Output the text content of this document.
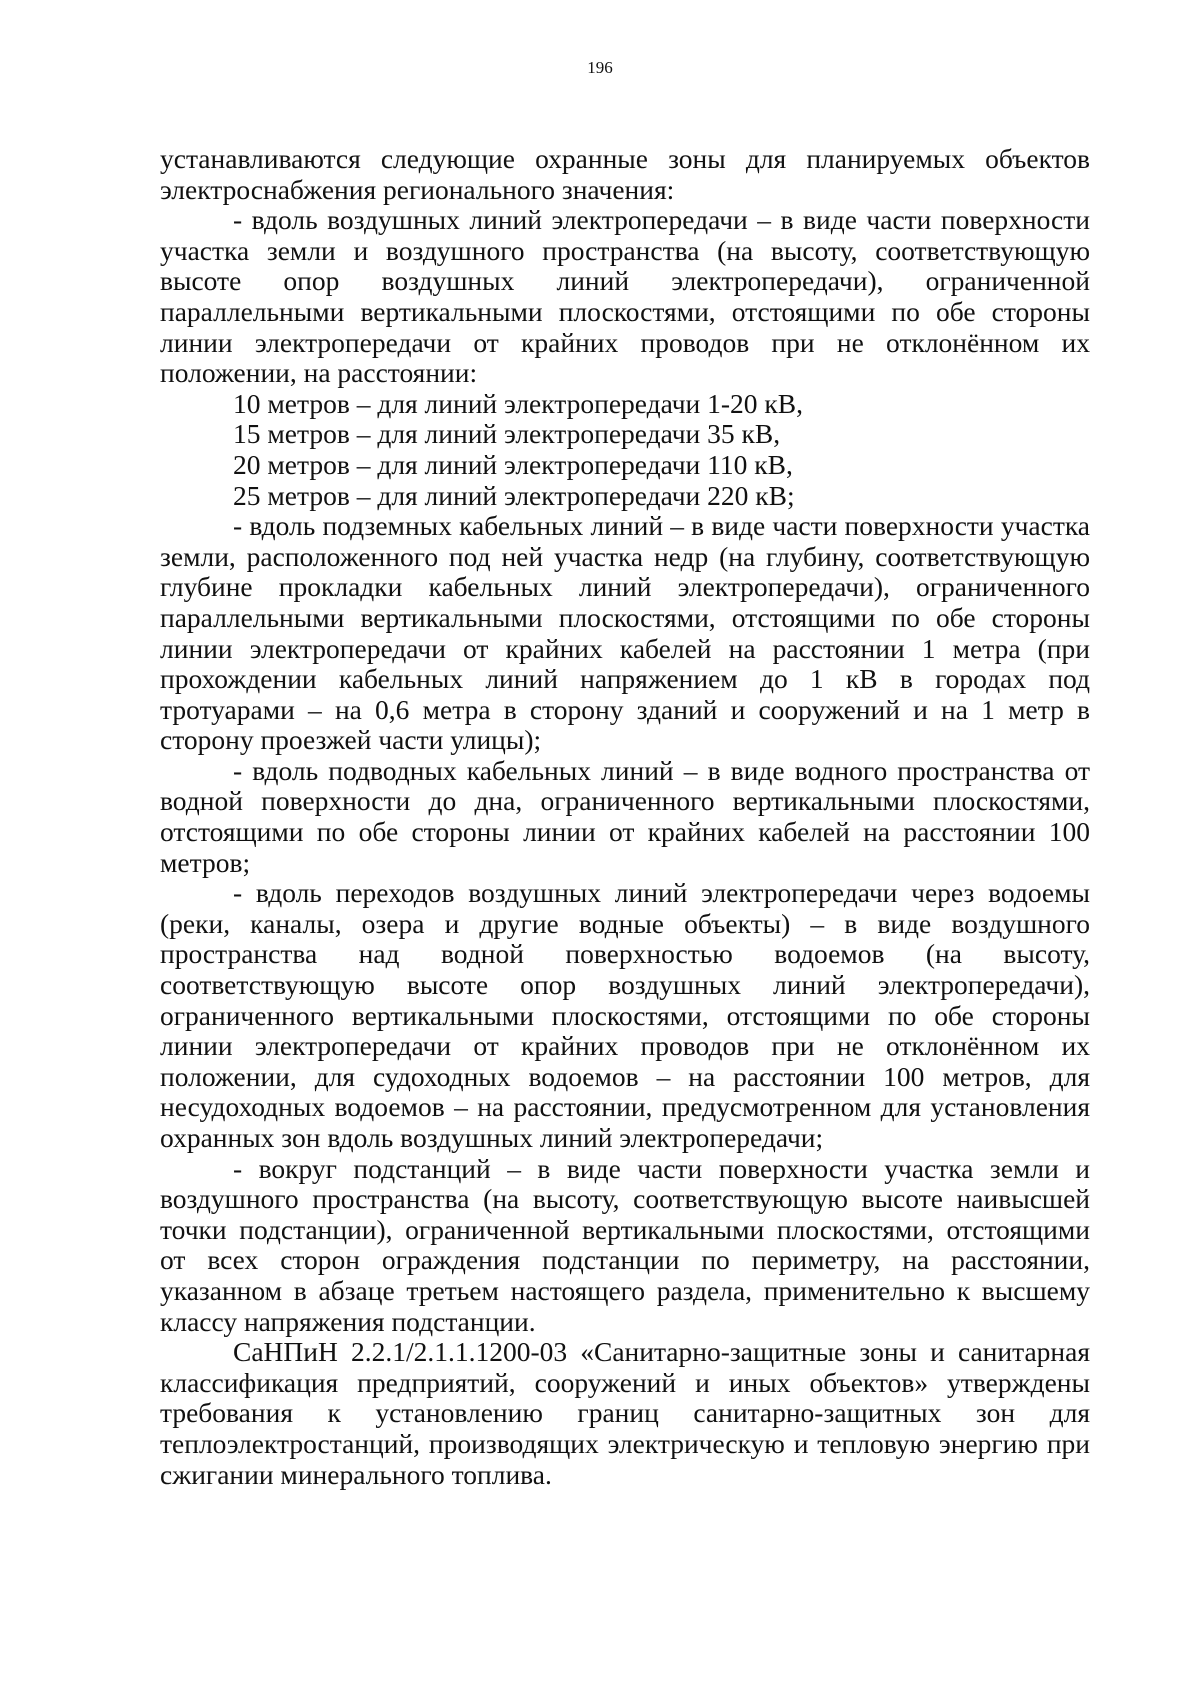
196

устанавливаются следующие охранные зоны для планируемых объектов электроснабжения регионального значения:

- вдоль воздушных линий электропередачи – в виде части поверхности участка земли и воздушного пространства (на высоту, соответствующую высоте опор воздушных линий электропередачи), ограниченной параллельными вертикальными плоскостями, отстоящими по обе стороны линии электропередачи от крайних проводов при не отклонённом их положении, на расстоянии:

10 метров – для линий электропередачи 1-20 кВ,

15 метров – для линий электропередачи 35 кВ,

20 метров – для линий электропередачи 110 кВ,

25 метров – для линий электропередачи 220 кВ;

- вдоль подземных кабельных линий – в виде части поверхности участка земли, расположенного под ней участка недр (на глубину, соответствующую глубине прокладки кабельных линий электропередачи), ограниченного параллельными вертикальными плоскостями, отстоящими по обе стороны линии электропередачи от крайних кабелей на расстоянии 1 метра (при прохождении кабельных линий напряжением до 1 кВ в городах под тротуарами – на 0,6 метра в сторону зданий и сооружений и на 1 метр в сторону проезжей части улицы);

- вдоль подводных кабельных линий – в виде водного пространства от водной поверхности до дна, ограниченного вертикальными плоскостями, отстоящими по обе стороны линии от крайних кабелей на расстоянии 100 метров;

- вдоль переходов воздушных линий электропередачи через водоемы (реки, каналы, озера и другие водные объекты) – в виде воздушного пространства над водной поверхностью водоемов (на высоту, соответствующую высоте опор воздушных линий электропередачи), ограниченного вертикальными плоскостями, отстоящими по обе стороны линии электропередачи от крайних проводов при не отклонённом их положении, для судоходных водоемов – на расстоянии 100 метров, для несудоходных водоемов – на расстоянии, предусмотренном для установления охранных зон вдоль воздушных линий электропередачи;

- вокруг подстанций – в виде части поверхности участка земли и воздушного пространства (на высоту, соответствующую высоте наивысшей точки подстанции), ограниченной вертикальными плоскостями, отстоящими от всех сторон ограждения подстанции по периметру, на расстоянии, указанном в абзаце третьем настоящего раздела, применительно к высшему классу напряжения подстанции.

СаНПиН 2.2.1/2.1.1.1200-03 «Санитарно-защитные зоны и санитарная классификация предприятий, сооружений и иных объектов» утверждены требования к установлению границ санитарно-защитных зон для теплоэлектростанций, производящих электрическую и тепловую энергию при сжигании минерального топлива.
